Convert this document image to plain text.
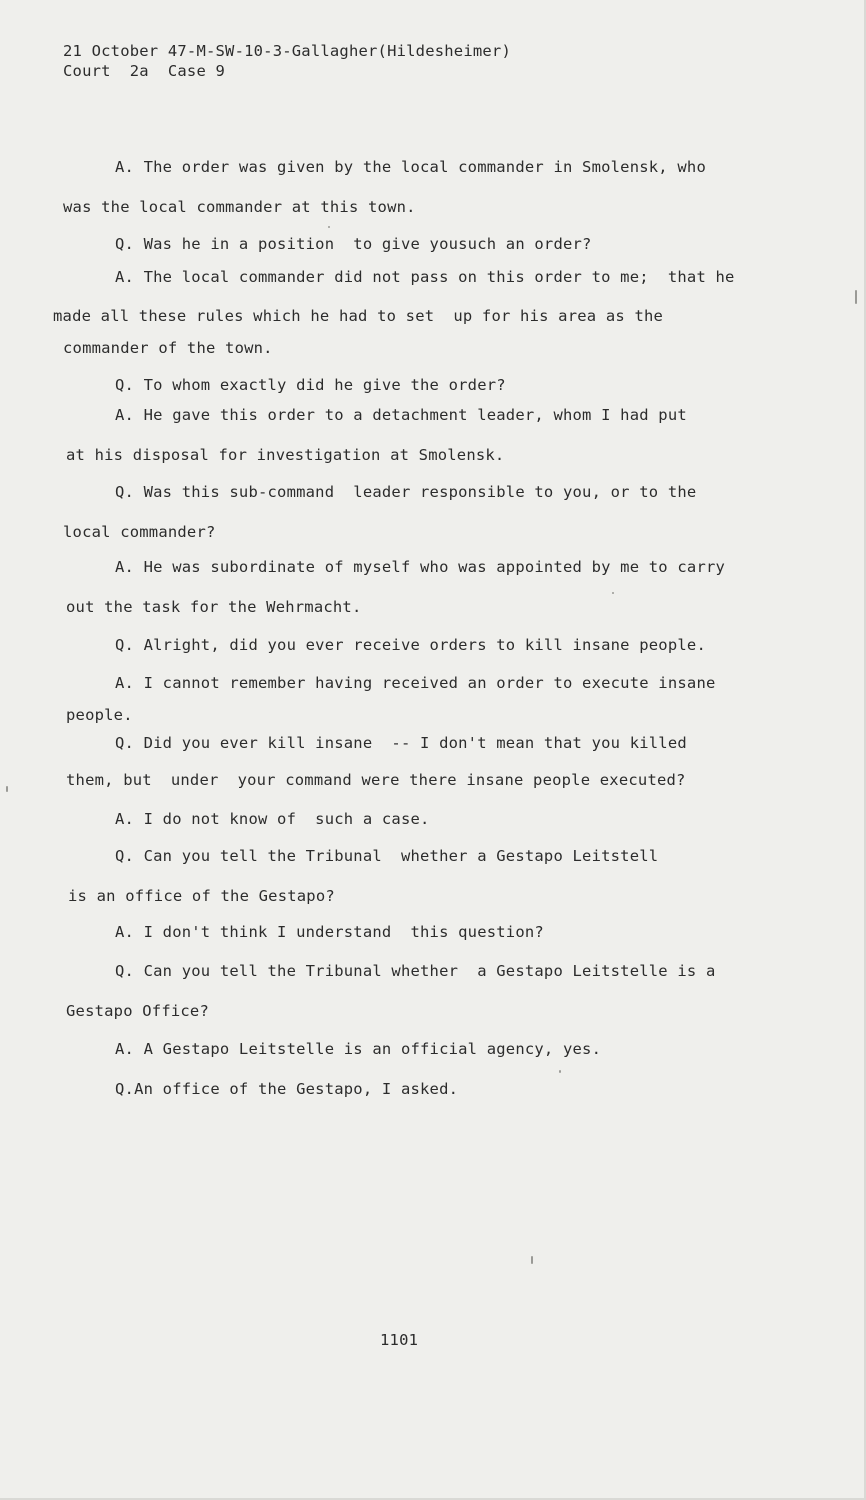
21 October 47-M-SW-10-3-Gallagher(Hildesheimer)
Court  2a  Case 9
A. The order was given by the local commander in Smolensk, who
was the local commander at this town.
Q. Was he in a position  to give yousuch an order?
A. The local commander did not pass on this order to me;  that he
made all these rules which he had to set  up for his area as the
commander of the town.
Q. To whom exactly did he give the order?
A. He gave this order to a detachment leader, whom I had put
at his disposal for investigation at Smolensk.
Q. Was this sub-command  leader responsible to you, or to the
local commander?
A. He was subordinate of myself who was appointed by me to carry
out the task for the Wehrmacht.
Q. Alright, did you ever receive orders to kill insane people.
A. I cannot remember having received an order to execute insane
people.
Q. Did you ever kill insane  -- I don't mean that you killed
them, but  under  your command were there insane people executed?
A. I do not know of  such a case.
Q. Can you tell the Tribunal  whether a Gestapo Leitstell
is an office of the Gestapo?
A. I don't think I understand  this question?
Q. Can you tell the Tribunal whether  a Gestapo Leitstelle is a
Gestapo Office?
A. A Gestapo Leitstelle is an official agency, yes.
Q.An office of the Gestapo, I asked.
1101
